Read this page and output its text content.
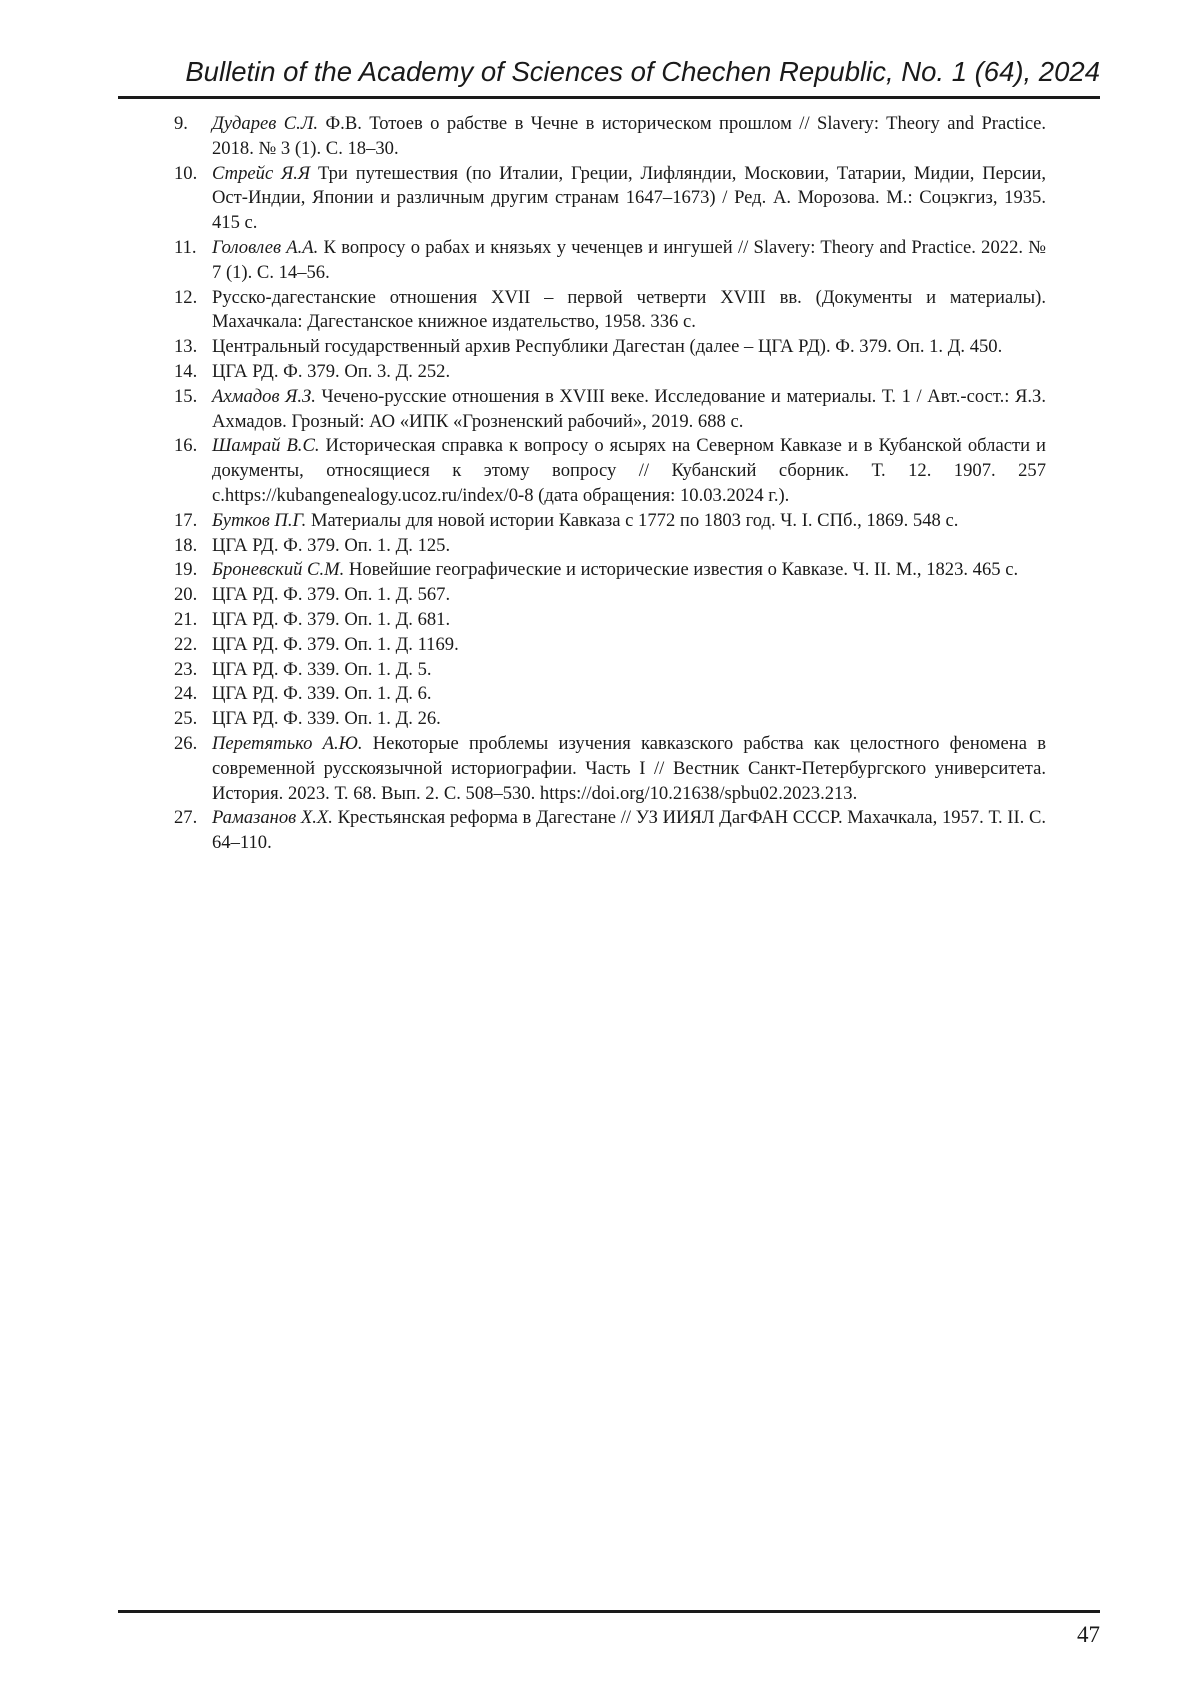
Bulletin of the Academy of Sciences of Chechen Republic, No. 1 (64), 2024
9. Дударев С.Л. Ф.В. Тотоев о рабстве в Чечне в историческом прошлом // Slavery: Theory and Practice. 2018. № 3 (1). С. 18–30.
10. Стрейс Я.Я Три путешествия (по Италии, Греции, Лифляндии, Московии, Татарии, Мидии, Персии, Ост-Индии, Японии и различным другим странам 1647–1673) / Ред. А. Морозова. М.: Соцэкгиз, 1935. 415 с.
11. Головлев А.А. К вопросу о рабах и князьях у чеченцев и ингушей // Slavery: Theory and Practice. 2022. № 7 (1). С. 14–56.
12. Русско-дагестанские отношения XVII – первой четверти XVIII вв. (Документы и материалы). Махачкала: Дагестанское книжное издательство, 1958. 336 с.
13. Центральный государственный архив Республики Дагестан (далее – ЦГА РД). Ф. 379. Оп. 1. Д. 450.
14. ЦГА РД. Ф. 379. Оп. 3. Д. 252.
15. Ахмадов Я.З. Чечено-русские отношения в XVIII веке. Исследование и материалы. Т. 1 / Авт.-сост.: Я.З. Ахмадов. Грозный: АО «ИПК «Грозненский рабочий», 2019. 688 с.
16. Шамрай В.С. Историческая справка к вопросу о ясырях на Северном Кавказе и в Кубанской области и документы, относящиеся к этому вопросу // Кубанский сборник. Т. 12. 1907. 257 с.https://kubangenealogy.ucoz.ru/index/0-8 (дата обращения: 10.03.2024 г.).
17. Бутков П.Г. Материалы для новой истории Кавказа с 1772 по 1803 год. Ч. I. СПб., 1869. 548 с.
18. ЦГА РД. Ф. 379. Оп. 1. Д. 125.
19. Броневский С.М. Новейшие географические и исторические известия о Кавказе. Ч. II. М., 1823. 465 с.
20. ЦГА РД. Ф. 379. Оп. 1. Д. 567.
21. ЦГА РД. Ф. 379. Оп. 1. Д. 681.
22. ЦГА РД. Ф. 379. Оп. 1. Д. 1169.
23. ЦГА РД. Ф. 339. Оп. 1. Д. 5.
24. ЦГА РД. Ф. 339. Оп. 1. Д. 6.
25. ЦГА РД. Ф. 339. Оп. 1. Д. 26.
26. Перетятько А.Ю. Некоторые проблемы изучения кавказского рабства как целостного феномена в современной русскоязычной историографии. Часть I // Вестник Санкт-Петербургского университета. История. 2023. Т. 68. Вып. 2. С. 508–530. https://doi.org/10.21638/spbu02.2023.213.
27. Рамазанов Х.Х. Крестьянская реформа в Дагестане // УЗ ИИЯЛ ДагФАН СССР. Махачкала, 1957. Т. II. С. 64–110.
47
